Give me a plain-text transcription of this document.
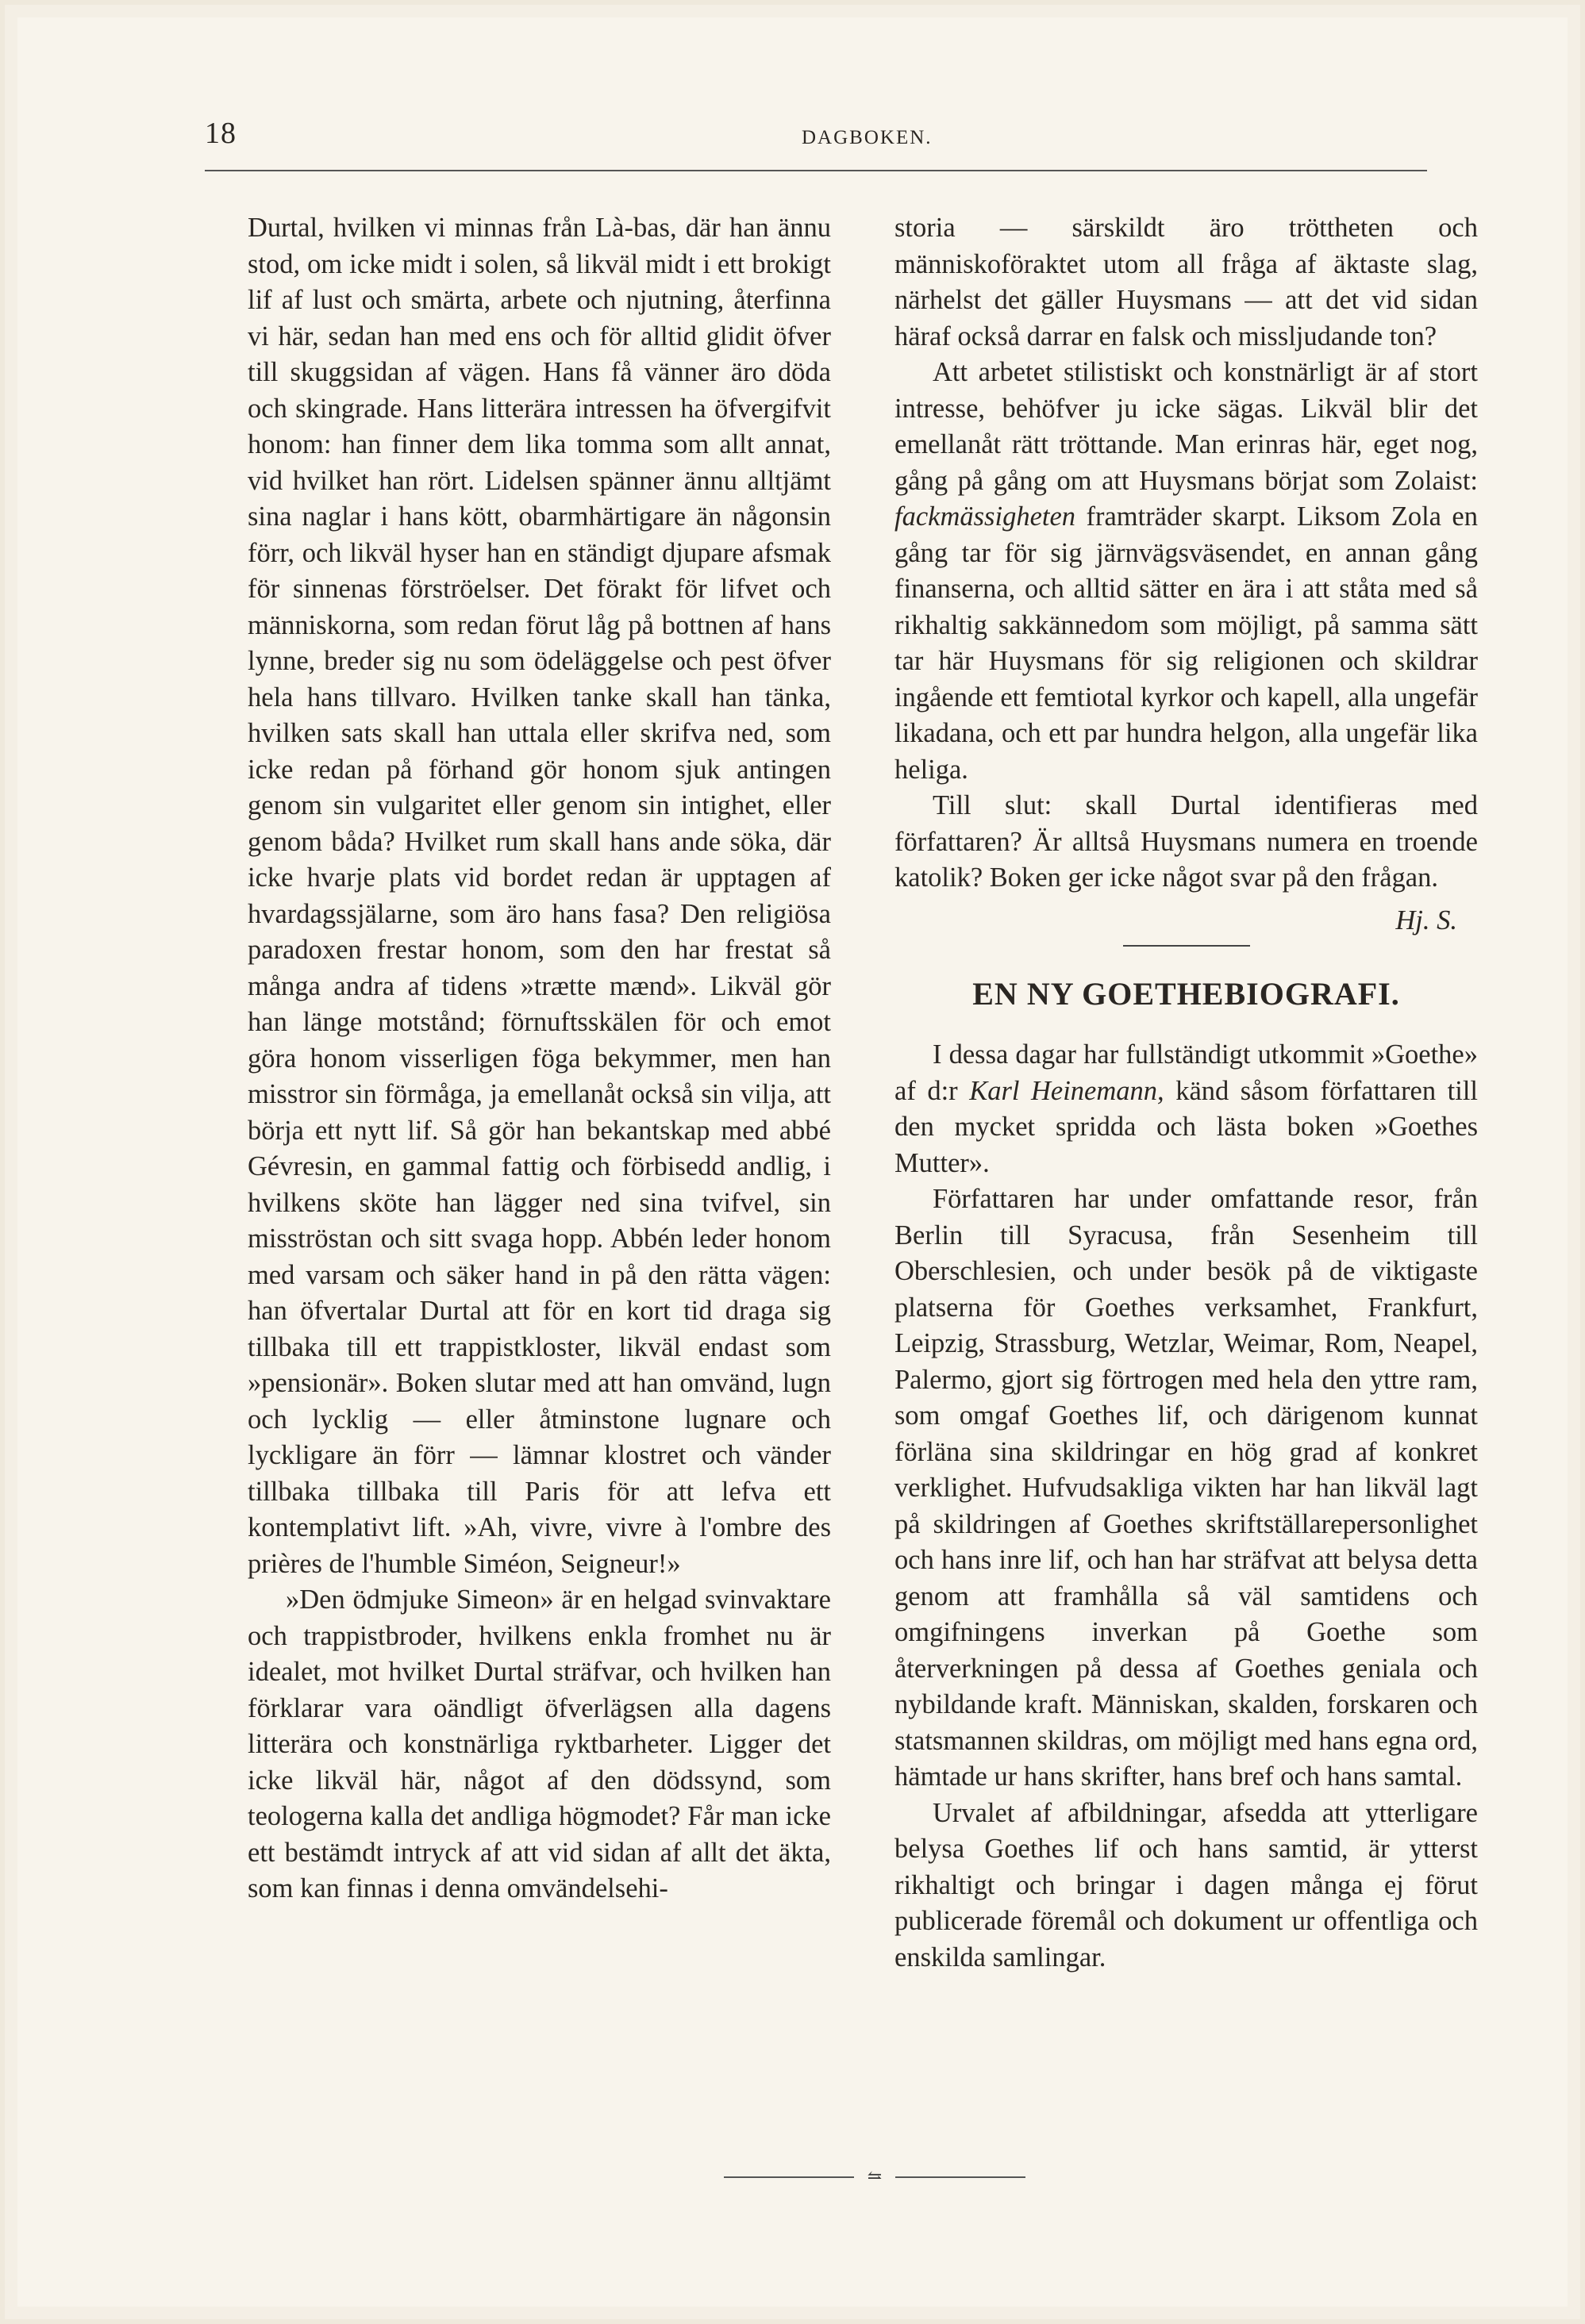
18	DAGBOKEN.

Durtal, hvilken vi minnas från Là-bas, där han ännu stod, om icke midt i solen, så likväl midt i ett brokigt lif af lust och smärta, arbete och njutning, återfinna vi här, sedan han med ens och för alltid glidit öfver till skuggsidan af vägen. Hans få vänner äro döda och skingrade. Hans litterära intressen ha öfvergifvit honom: han finner dem lika tomma som allt annat, vid hvilket han rört. Lidelsen spänner ännu alltjämt sina naglar i hans kött, obarmhärtigare än någonsin förr, och likväl hyser han en ständigt djupare afsmak för sinnenas förströelser. Det förakt för lifvet och människorna, som redan förut låg på bottnen af hans lynne, breder sig nu som ödeläggelse och pest öfver hela hans tillvaro. Hvilken tanke skall han tänka, hvilken sats skall han uttala eller skrifva ned, som icke redan på förhand gör honom sjuk antingen genom sin vulgaritet eller genom sin intighet, eller genom båda? Hvilket rum skall hans ande söka, där icke hvarje plats vid bordet redan är upptagen af hvardagssjälarne, som äro hans fasa? Den religiösa paradoxen frestar honom, som den har frestat så många andra af tidens »trætte mænd». Likväl gör han länge motstånd; förnuftsskälen för och emot göra honom visserligen föga bekymmer, men han misstror sin förmåga, ja emellanåt också sin vilja, att börja ett nytt lif. Så gör han bekantskap med abbé Gévresin, en gammal fattig och förbisedd andlig, i hvilkens sköte han lägger ned sina tvifvel, sin misströstan och sitt svaga hopp. Abbén leder honom med varsam och säker hand in på den rätta vägen: han öfvertalar Durtal att för en kort tid draga sig tillbaka till ett trappistkloster, likväl endast som »pensionär». Boken slutar med att han omvänd, lugn och lycklig — eller åtminstone lugnare och lyckligare än förr — lämnar klostret och vänder tillbaka tillbaka till Paris för att lefva ett kontemplativt lift. »Ah, vivre, vivre à l'ombre des prières de l'humble Siméon, Seigneur!»

»Den ödmjuke Simeon» är en helgad svinvaktare och trappistbroder, hvilkens enkla fromhet nu är idealet, mot hvilket Durtal sträfvar, och hvilken han förklarar vara oändligt öfverlägsen alla dagens litterära och konstnärliga ryktbarheter. Ligger det icke likväl här, något af den dödssynd, som teologerna kalla det andliga högmodet? Får man icke ett bestämdt intryck af att vid sidan af allt det äkta, som kan finnas i denna omvändelsehi-

storia — särskildt äro tröttheten och människoföraktet utom all fråga af äktaste slag, närhelst det gäller Huysmans — att det vid sidan häraf också darrar en falsk och missljudande ton?

Att arbetet stilistiskt och konstnärligt är af stort intresse, behöfver ju icke sägas. Likväl blir det emellanåt rätt tröttande. Man erinras här, eget nog, gång på gång om att Huysmans börjat som Zolaist: fackmässigheten framträder skarpt. Liksom Zola en gång tar för sig järnvägsväsendet, en annan gång finanserna, och alltid sätter en ära i att ståta med så rikhaltig sakkännedom som möjligt, på samma sätt tar här Huysmans för sig religionen och skildrar ingående ett femtiotal kyrkor och kapell, alla ungefär likadana, och ett par hundra helgon, alla ungefär lika heliga.

Till slut: skall Durtal identifieras med författaren? Är alltså Huysmans numera en troende katolik? Boken ger icke något svar på den frågan.

Hj. S.
EN NY GOETHEBIOGRAFI.

I dessa dagar har fullständigt utkommit »Goethe» af d:r Karl Heinemann, känd såsom författaren till den mycket spridda och lästa boken »Goethes Mutter».

Författaren har under omfattande resor, från Berlin till Syracusa, från Sesenheim till Oberschlesien, och under besök på de viktigaste platserna för Goethes verksamhet, Frankfurt, Leipzig, Strassburg, Wetzlar, Weimar, Rom, Neapel, Palermo, gjort sig förtrogen med hela den yttre ram, som omgaf Goethes lif, och därigenom kunnat förläna sina skildringar en hög grad af konkret verklighet. Hufvudsakliga vikten har han likväl lagt på skildringen af Goethes skriftställarepersonlighet och hans inre lif, och han har sträfvat att belysa detta genom att framhålla så väl samtidens och omgifningens inverkan på Goethe som återverkningen på dessa af Goethes geniala och nybildande kraft. Människan, skalden, forskaren och statsmannen skildras, om möjligt med hans egna ord, hämtade ur hans skrifter, hans bref och hans samtal.

Urvalet af afbildningar, afsedda att ytterligare belysa Goethes lif och hans samtid, är ytterst rikhaltigt och bringar i dagen många ej förut publicerade föremål och dokument ur offentliga och enskilda samlingar.

⥦
